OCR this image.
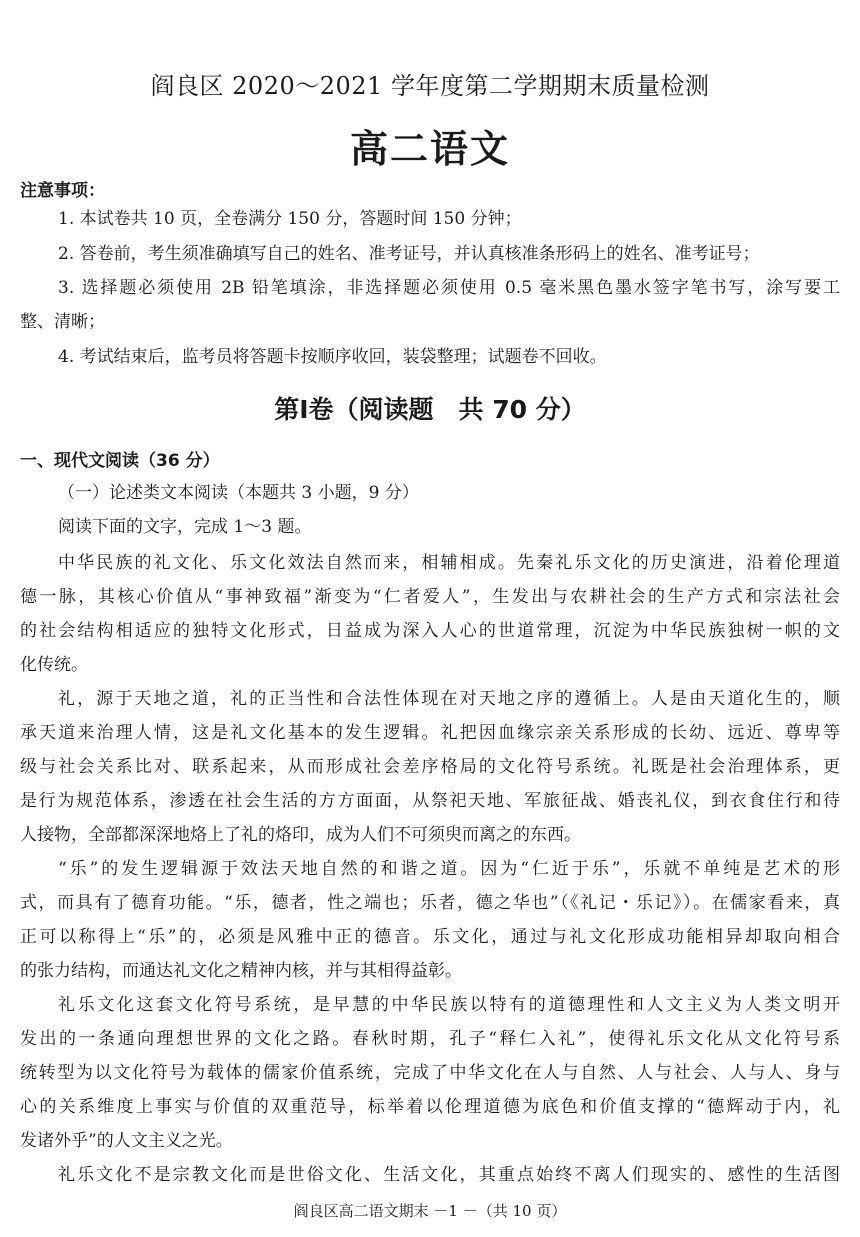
阎良区 2020～2021 学年度第二学期期末质量检测
高二语文
注意事项：
1. 本试卷共 10 页，全卷满分 150 分，答题时间 150 分钟；
2. 答卷前，考生须准确填写自己的姓名、准考证号，并认真核准条形码上的姓名、准考证号；
3. 选择题必须使用 2B 铅笔填涂，非选择题必须使用 0.5 毫米黑色墨水签字笔书写，涂写要工
整、清晰；
4. 考试结束后，监考员将答题卡按顺序收回，装袋整理；试题卷不回收。
第Ⅰ卷（阅读题　共 70 分）
一、现代文阅读（36 分）
（一）论述类文本阅读（本题共 3 小题，9 分）
阅读下面的文字，完成 1～3 题。
中华民族的礼文化、乐文化效法自然而来，相辅相成。先秦礼乐文化的历史演进，沿着伦理道
德一脉，其核心价值从“事神致福”渐变为“仁者爱人”，生发出与农耕社会的生产方式和宗法社会
的社会结构相适应的独特文化形式，日益成为深入人心的世道常理，沉淀为中华民族独树一帜的文
化传统。
礼，源于天地之道，礼的正当性和合法性体现在对天地之序的遵循上。人是由天道化生的，顺
承天道来治理人情，这是礼文化基本的发生逻辑。礼把因血缘宗亲关系形成的长幼、远近、尊卑等
级与社会关系比对、联系起来，从而形成社会差序格局的文化符号系统。礼既是社会治理体系，更
是行为规范体系，渗透在社会生活的方方面面，从祭祀天地、军旅征战、婚丧礼仪，到衣食住行和待
人接物，全部都深深地烙上了礼的烙印，成为人们不可须臾而离之的东西。
“乐”的发生逻辑源于效法天地自然的和谐之道。因为“仁近于乐”，乐就不单纯是艺术的形
式，而具有了德育功能。“乐，德者，性之端也；乐者，德之华也”（《礼记・乐记》）。在儒家看来，真
正可以称得上“乐”的，必须是风雅中正的德音。乐文化，通过与礼文化形成功能相异却取向相合
的张力结构，而通达礼文化之精神内核，并与其相得益彰。
礼乐文化这套文化符号系统，是早慧的中华民族以特有的道德理性和人文主义为人类文明开
发出的一条通向理想世界的文化之路。春秋时期，孔子“释仁入礼”，使得礼乐文化从文化符号系
统转型为以文化符号为载体的儒家价值系统，完成了中华文化在人与自然、人与社会、人与人、身与
心的关系维度上事实与价值的双重范导，标举着以伦理道德为底色和价值支撑的“德辉动于内，礼
发诸外乎”的人文主义之光。
礼乐文化不是宗教文化而是世俗文化、生活文化，其重点始终不离人们现实的、感性的生活图
阎良区高二语文期末 －1 －（共 10 页）
